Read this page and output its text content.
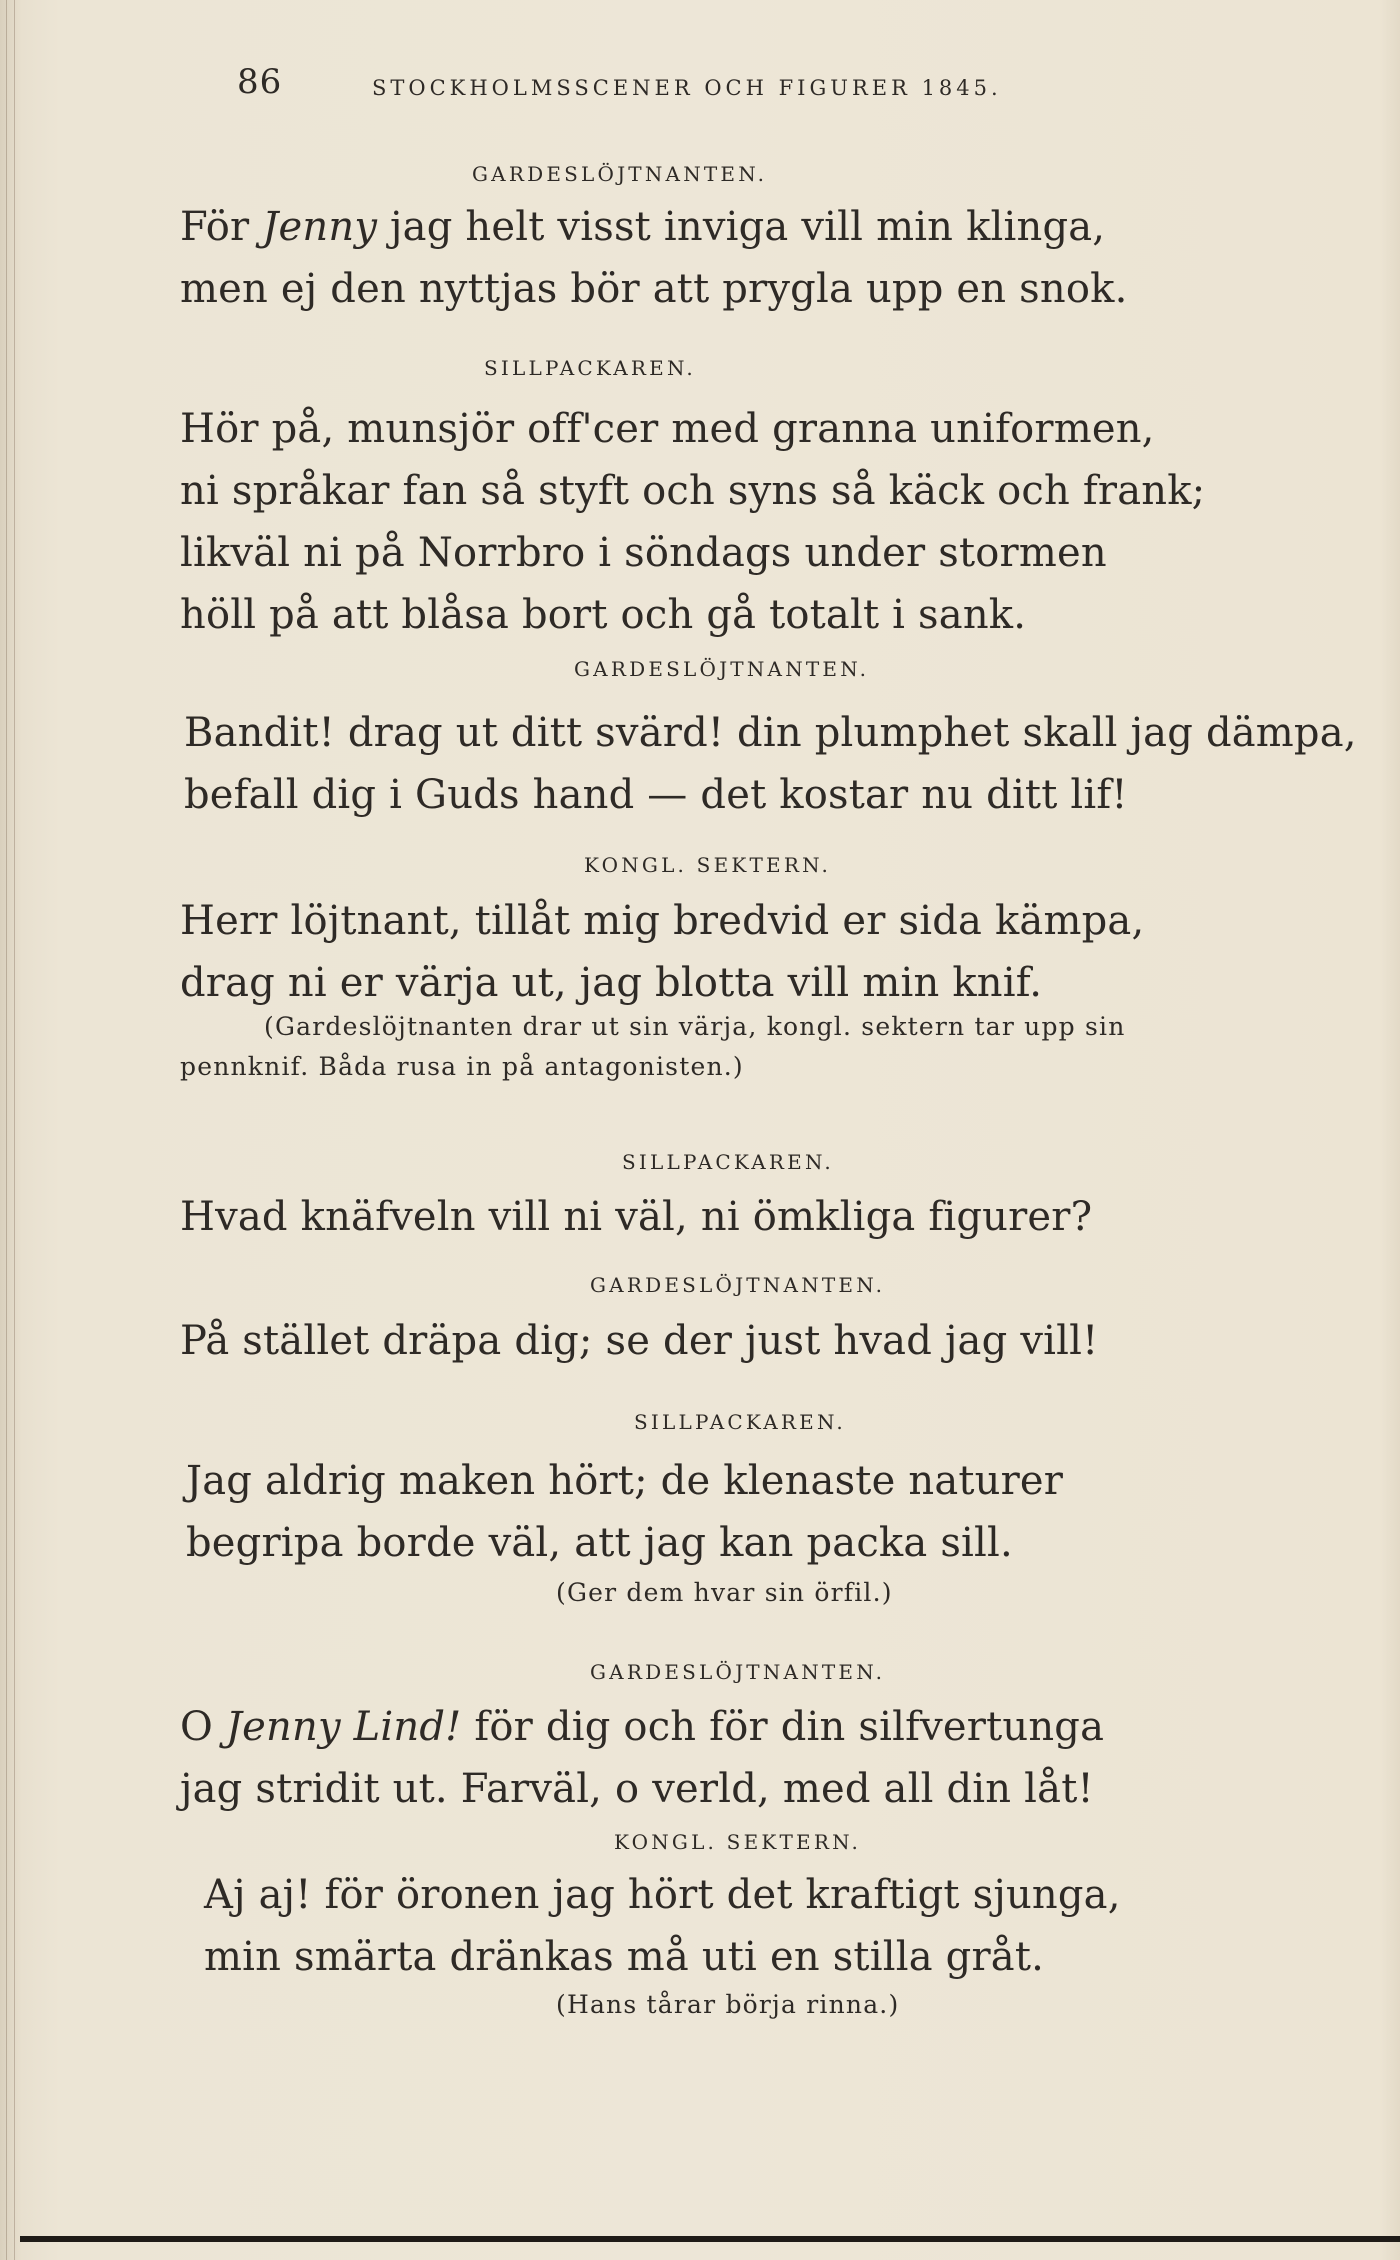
86	STOCKHOLMSSCENER OCH FIGURER 1845.
GARDESLÖJTNANTEN.
För Jenny jag helt visst inviga vill min klinga,
men ej den nyttjas bör att prygla upp en snok.
SILLPACKAREN.
Hör på, munsjör off'cer med granna uniformen,
ni språkar fan så styft och syns så käck och frank;
likväl ni på Norrbro i söndags under stormen
höll på att blåsa bort och gå totalt i sank.
GARDESLÖJTNANTEN.
Bandit! drag ut ditt svärd! din plumphet skall jag dämpa,
befall dig i Guds hand — det kostar nu ditt lif!
KONGL. SEKTERN.
Herr löjtnant, tillåt mig bredvid er sida kämpa,
drag ni er värja ut, jag blotta vill min knif.
(Gardeslöjtnanten drar ut sin värja, kongl. sektern tar upp sin
pennknif. Båda rusa in på antagonisten.)
SILLPACKAREN.
Hvad knäfveln vill ni väl, ni ömkliga figurer?
GARDESLÖJTNANTEN.
På stället dräpa dig; se der just hvad jag vill!
SILLPACKAREN.
Jag aldrig maken hört; de klenaste naturer
begripa borde väl, att jag kan packa sill.
(Ger dem hvar sin örfil.)
GARDESLÖJTNANTEN.
O Jenny Lind! för dig och för din silfvertunga
jag stridit ut. Farväl, o verld, med all din låt!
KONGL. SEKTERN.
Aj aj! för öronen jag hört det kraftigt sjunga,
min smärta dränkas må uti en stilla gråt.
(Hans tårar börja rinna.)
